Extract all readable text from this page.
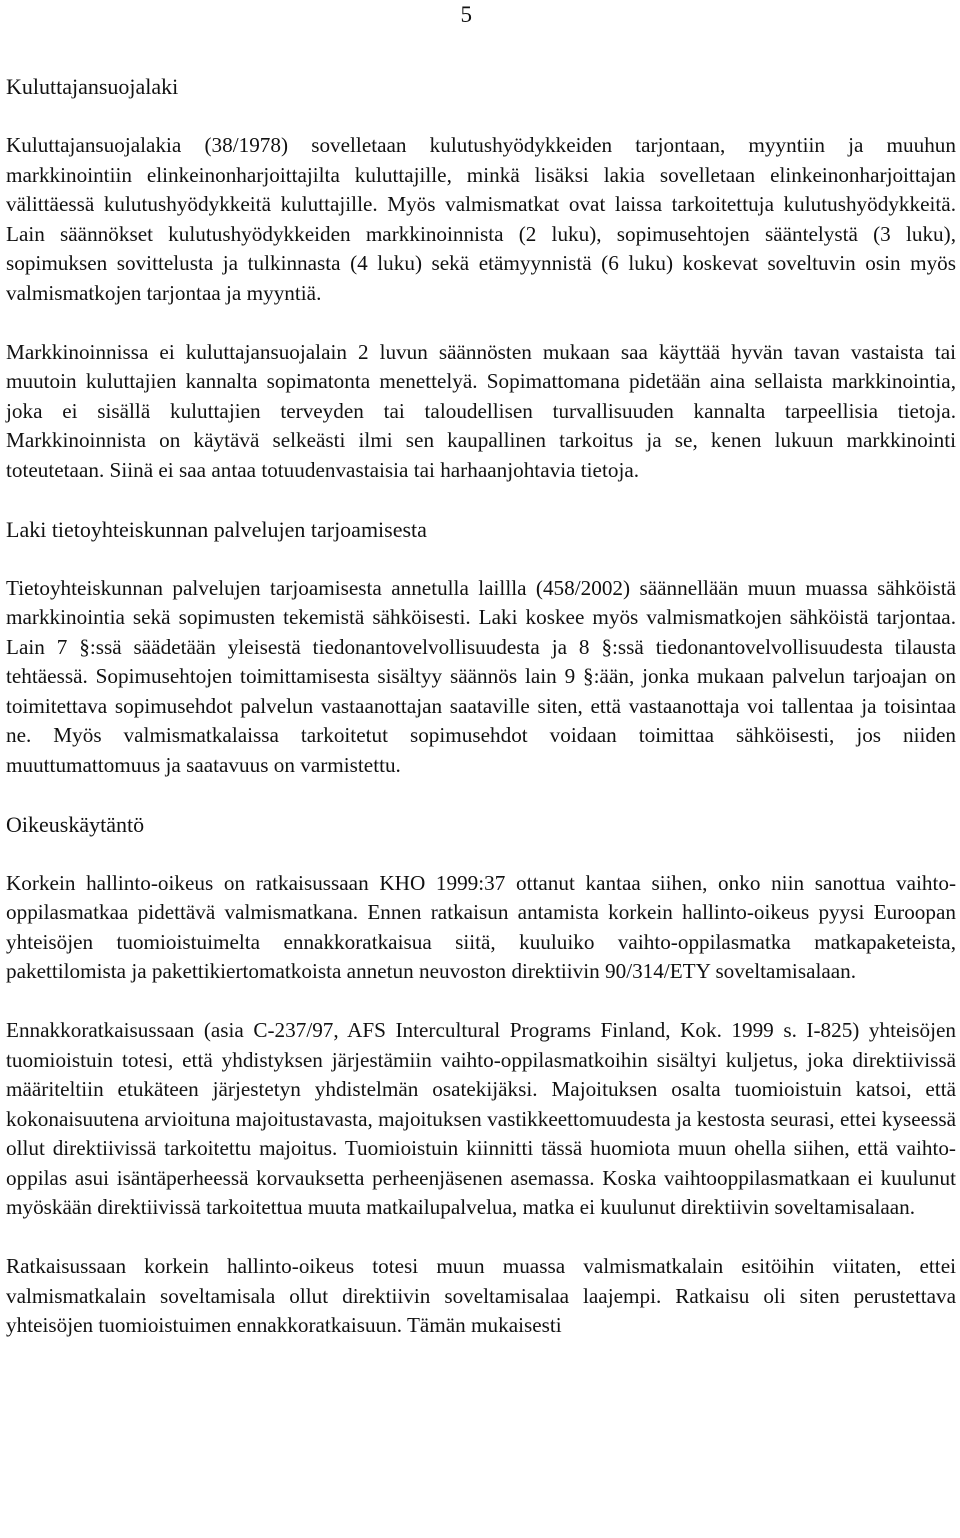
5
Kuluttajansuojalaki

Kuluttajansuojalakia (38/1978) sovelletaan kulutushyödykkeiden tarjontaan, myyntiin ja muuhun markkinointiin elinkeinonharjoittajilta kuluttajille, minkä lisäksi lakia sovelletaan elinkeinonharjoittajan välittäessä kulutushyödykkeitä kuluttajille. Myös valmismatkat ovat laissa tarkoitettuja kulutushyödykkeitä. Lain säännökset kulutushyödykkeiden markkinoinnista (2 luku), sopimusehtojen sääntelystä (3 luku), sopimuksen sovittelusta ja tulkinnasta (4 luku) sekä etämyynnistä (6 luku) koskevat soveltuvin osin myös valmismatkojen tarjontaa ja myyntiä.

Markkinoinnissa ei kuluttajansuojalain 2 luvun säännösten mukaan saa käyttää hyvän tavan vastaista tai muutoin kuluttajien kannalta sopimatonta menettelyä. Sopimattomana pidetään aina sellaista markkinointia, joka ei sisällä kuluttajien terveyden tai taloudellisen turvallisuuden kannalta tarpeellisia tietoja. Markkinoinnista on käytävä selkeästi ilmi sen kaupallinen tarkoitus ja se, kenen lukuun markkinointi toteutetaan. Siinä ei saa antaa totuudenvastaisia tai harhaanjohtavia tietoja.

Laki tietoyhteiskunnan palvelujen tarjoamisesta

Tietoyhteiskunnan palvelujen tarjoamisesta annetulla laillla (458/2002) säännellään muun muassa sähköistä markkinointia sekä sopimusten tekemistä sähköisesti. Laki koskee myös valmismatkojen sähköistä tarjontaa. Lain 7 §:ssä säädetään yleisestä tiedonantovelvollisuudesta ja 8 §:ssä tiedonantovelvollisuudesta tilausta tehtäessä. Sopimusehtojen toimittamisesta sisältyy säännös lain 9 §:ään, jonka mukaan palvelun tarjoajan on toimitettava sopimusehdot palvelun vastaanottajan saataville siten, että vastaanottaja voi tallentaa ja toisintaa ne. Myös valmismatkalaissa tarkoitetut sopimusehdot voidaan toimittaa sähköisesti, jos niiden muuttumattomuus ja saatavuus on varmistettu.

Oikeuskäytäntö

Korkein hallinto-oikeus on ratkaisussaan KHO 1999:37 ottanut kantaa siihen, onko niin sanottua vaihto-oppilasmatkaa pidettävä valmismatkana. Ennen ratkaisun antamista korkein hallinto-oikeus pyysi Euroopan yhteisöjen tuomioistuimelta ennakkoratkaisua siitä, kuuluiko vaihto-oppilasmatka matkapaketeista, pakettilomista ja pakettikiertomatkoista annetun neuvoston direktiivin 90/314/ETY soveltamisalaan.

Ennakkoratkaisussaan (asia C-237/97, AFS Intercultural Programs Finland, Kok. 1999 s. I-825) yhteisöjen tuomioistuin totesi, että yhdistyksen järjestämiin vaihto-oppilasmatkoihin sisältyi kuljetus, joka direktiivissä määriteltiin etukäteen järjestetyn yhdistelmän osatekijäksi. Majoituksen osalta tuomioistuin katsoi, että kokonaisuutena arvioituna majoitustavasta, majoituksen vastikkeettomuudesta ja kestosta seurasi, ettei kyseessä ollut direktiivissä tarkoitettu majoitus. Tuomioistuin kiinnitti tässä huomiota muun ohella siihen, että vaihto-oppilas asui isäntäperheessä korvauksetta perheenjäsenen asemassa. Koska vaihtooppilasmatkaan ei kuulunut myöskään direktiivissä tarkoitettua muuta matkailupalvelua, matka ei kuulunut direktiivin soveltamisalaan.

Ratkaisussaan korkein hallinto-oikeus totesi muun muassa valmismatkalain esitöihin viitaten, ettei valmismatkalain soveltamisala ollut direktiivin soveltamisalaa laajempi. Ratkaisu oli siten perustettava yhteisöjen tuomioistuimen ennakkoratkaisuun. Tämän mukaisesti
